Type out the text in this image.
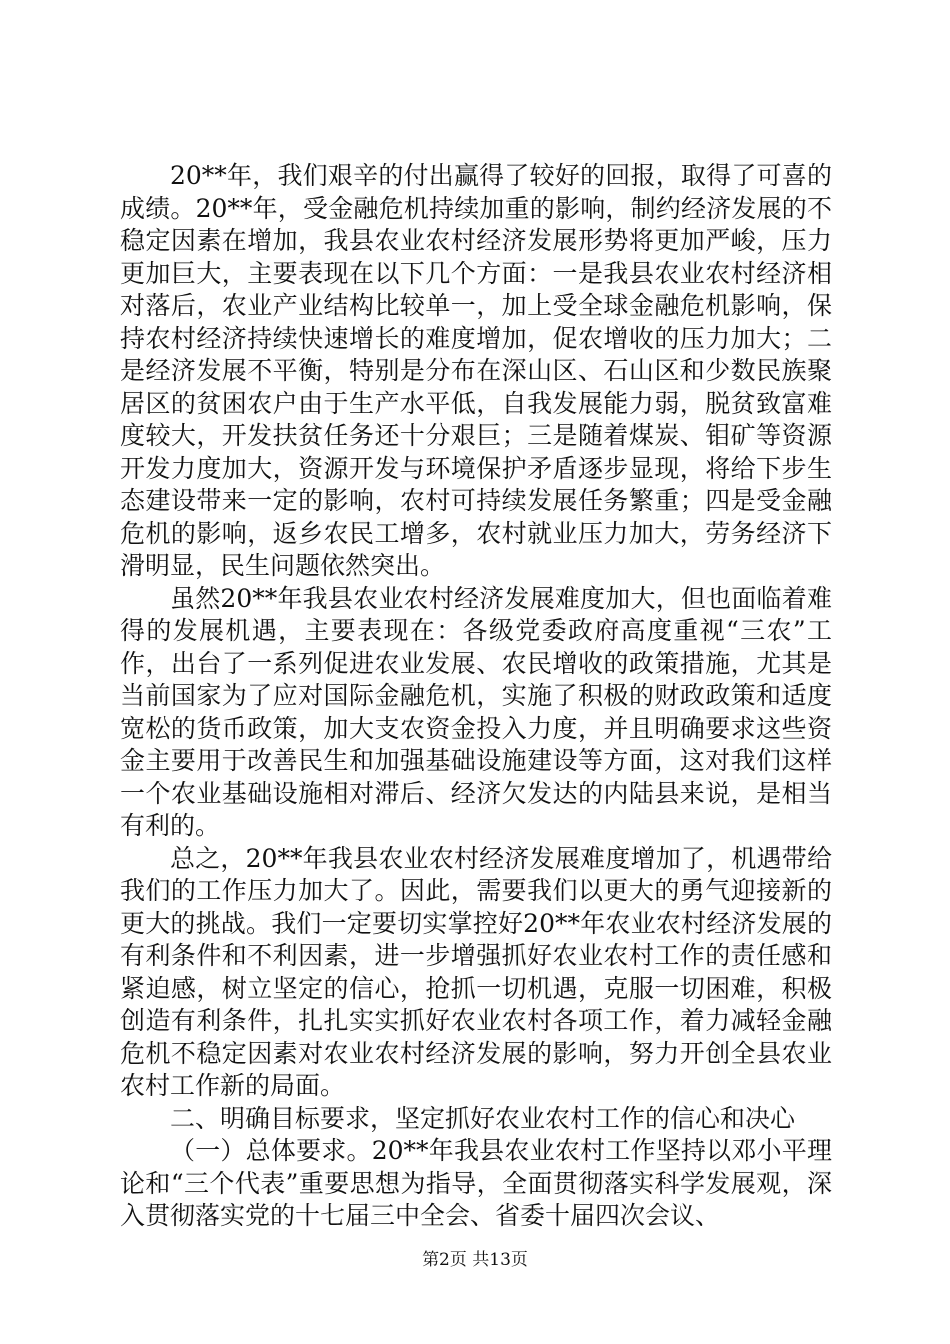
20**年，我们艰辛的付出赢得了较好的回报，取得了可喜的成绩。20**年，受金融危机持续加重的影响，制约经济发展的不稳定因素在增加，我县农业农村经济发展形势将更加严峻，压力更加巨大，主要表现在以下几个方面：一是我县农业农村经济相对落后，农业产业结构比较单一，加上受全球金融危机影响，保持农村经济持续快速增长的难度增加，促农增收的压力加大；二是经济发展不平衡，特别是分布在深山区、石山区和少数民族聚居区的贫困农户由于生产水平低，自我发展能力弱，脱贫致富难度较大，开发扶贫任务还十分艰巨；三是随着煤炭、钼矿等资源开发力度加大，资源开发与环境保护矛盾逐步显现，将给下步生态建设带来一定的影响，农村可持续发展任务繁重；四是受金融危机的影响，返乡农民工增多，农村就业压力加大，劳务经济下滑明显，民生问题依然突出。

虽然20**年我县农业农村经济发展难度加大，但也面临着难得的发展机遇，主要表现在：各级党委政府高度重视“三农”工作，出台了一系列促进农业发展、农民增收的政策措施，尤其是当前国家为了应对国际金融危机，实施了积极的财政政策和适度宽松的货币政策，加大支农资金投入力度，并且明确要求这些资金主要用于改善民生和加强基础设施建设等方面，这对我们这样一个农业基础设施相对滞后、经济欠发达的内陆县来说，是相当有利的。

总之，20**年我县农业农村经济发展难度增加了，机遇带给我们的工作压力加大了。因此，需要我们以更大的勇气迎接新的更大的挑战。我们一定要切实掌控好20**年农业农村经济发展的有利条件和不利因素，进一步增强抓好农业农村工作的责任感和紧迫感，树立坚定的信心，抢抓一切机遇，克服一切困难，积极创造有利条件，扎扎实实抓好农业农村各项工作，着力减轻金融危机不稳定因素对农业农村经济发展的影响，努力开创全县农业农村工作新的局面。

二、明确目标要求，坚定抓好农业农村工作的信心和决心

（一）总体要求。20**年我县农业农村工作坚持以邓小平理论和“三个代表”重要思想为指导，全面贯彻落实科学发展观，深入贯彻落实党的十七届三中全会、省委十届四次会议、

第2页 共13页
